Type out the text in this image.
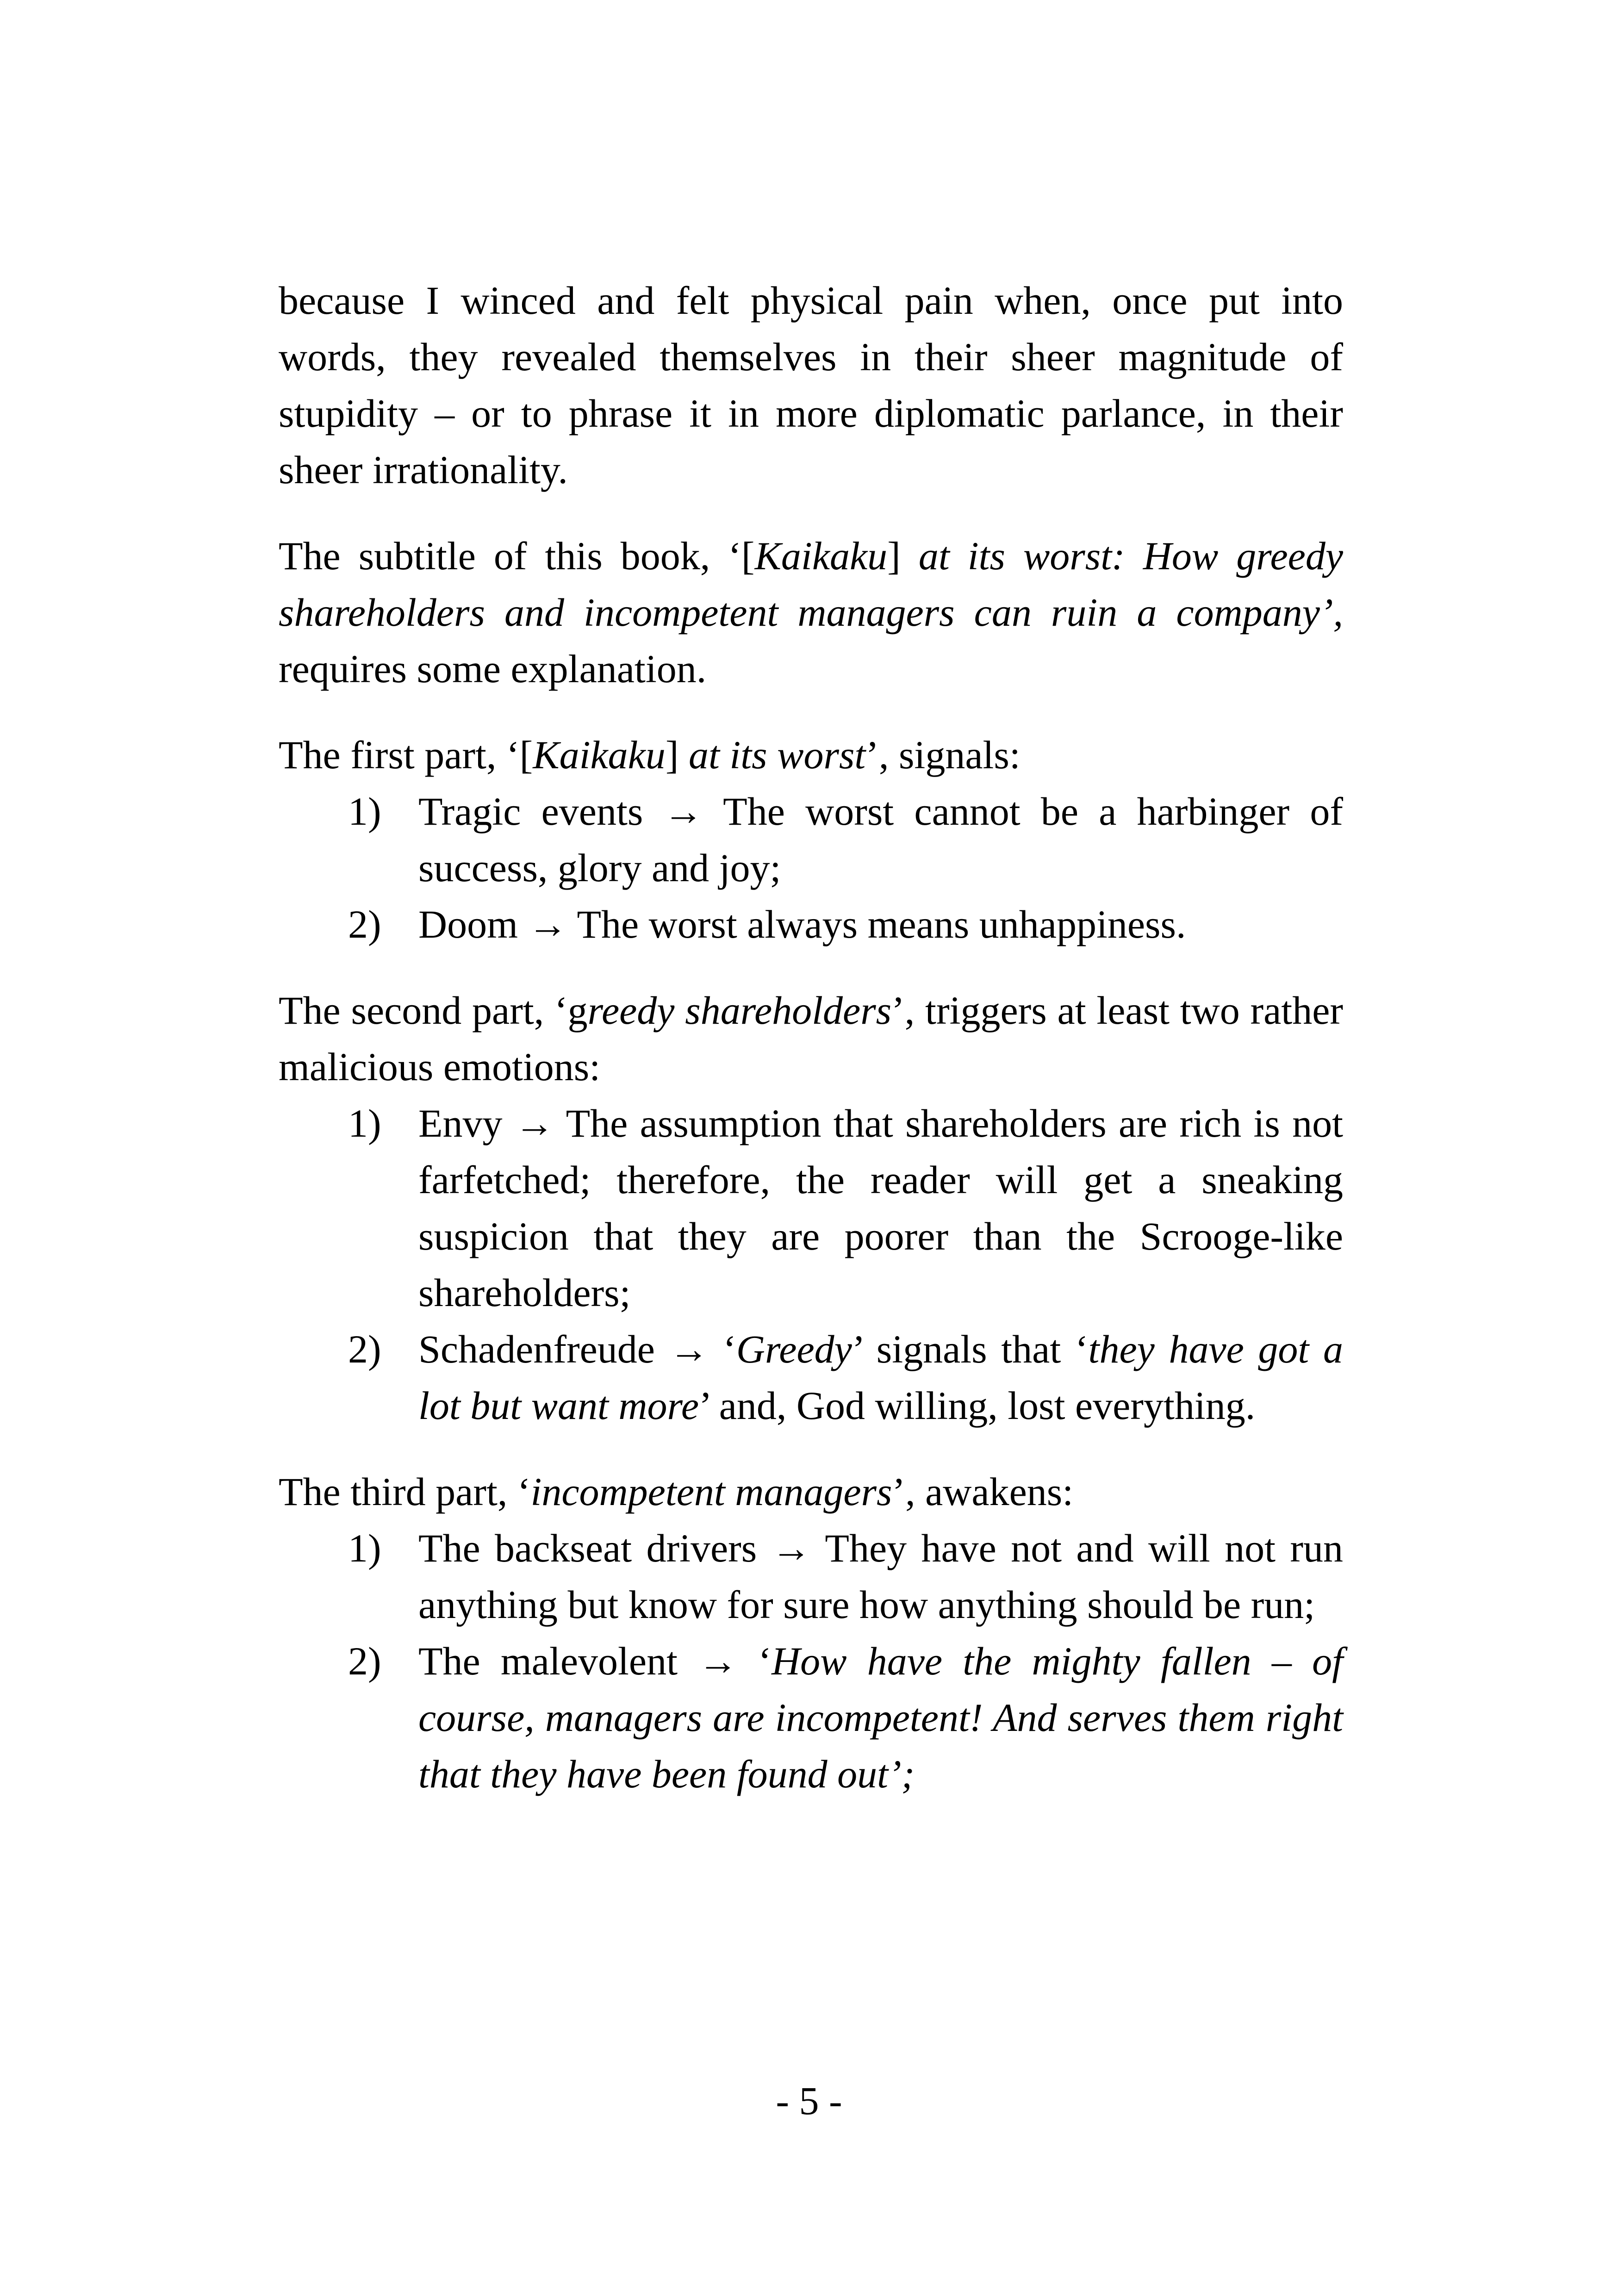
because I winced and felt physical pain when, once put into words, they revealed themselves in their sheer magnitude of stupidity – or to phrase it in more diplomatic parlance, in their sheer irrationality.

The subtitle of this book, ‘[Kaikaku] at its worst: How greedy shareholders and incompetent managers can ruin a company’, requires some explanation.

The first part, ‘[Kaikaku] at its worst’, signals:

1) Tragic events → The worst cannot be a harbinger of success, glory and joy;
2) Doom → The worst always means unhappiness.

The second part, ‘greedy shareholders’, triggers at least two rather malicious emotions:

1) Envy → The assumption that shareholders are rich is not farfetched; therefore, the reader will get a sneaking suspicion that they are poorer than the Scrooge-like shareholders;
2) Schadenfreude → ‘Greedy’ signals that ‘they have got a lot but want more’ and, God willing, lost everything.

The third part, ‘incompetent managers’, awakens:

1) The backseat drivers → They have not and will not run anything but know for sure how anything should be run;
2) The malevolent → ‘How have the mighty fallen – of course, managers are incompetent! And serves them right that they have been found out’;
- 5 -
